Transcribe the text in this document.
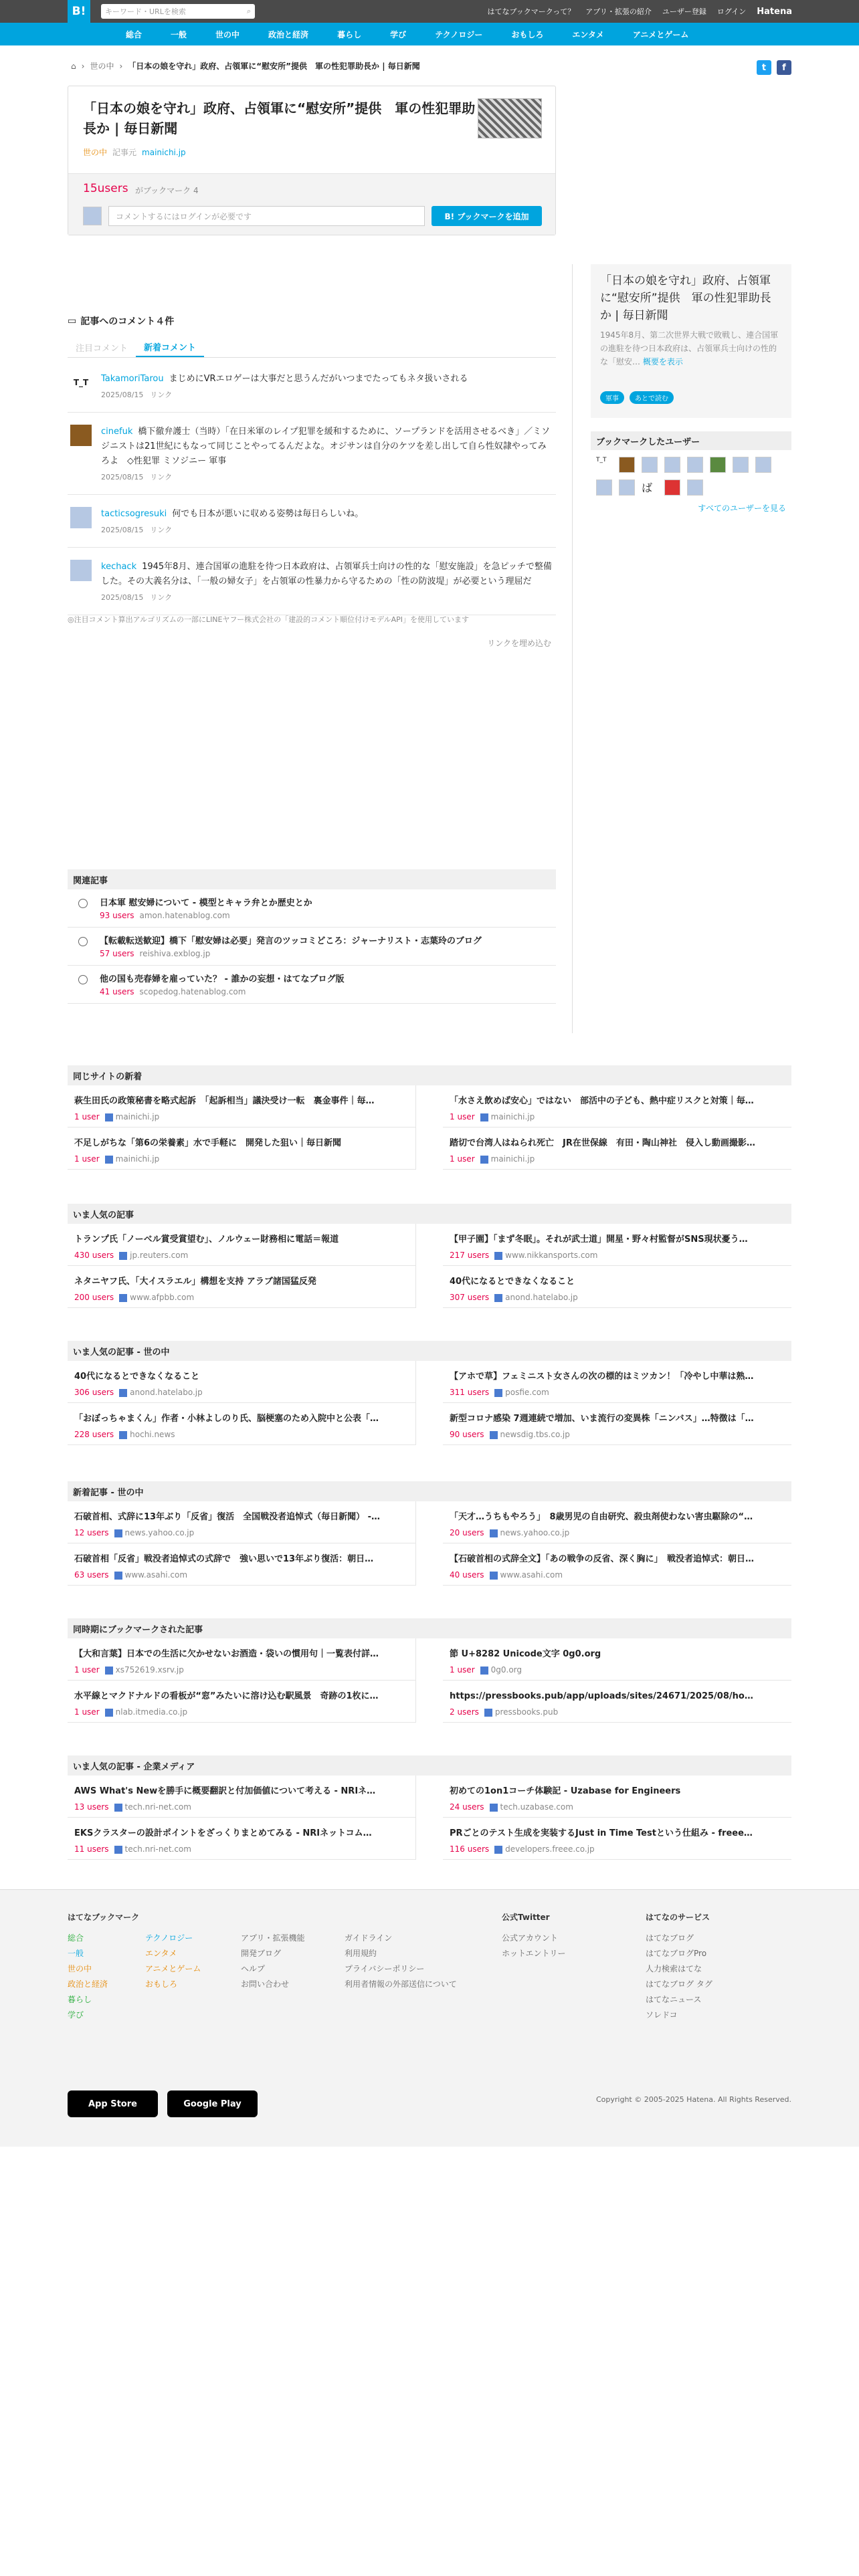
B!	キーワード・URLを検索	⌕	はてなブックマークって？ アプリ・拡張の紹介 ユーザー登録 ログイン Hatena
総合	一般	世の中	政治と経済	暮らし	学び	テクノロジー	おもしろ	エンタメ	アニメとゲーム
⌂ › 世の中 › 「日本の娘を守れ」政府、占領軍に“慰安所”提供　軍の性犯罪助長か | 毎日新聞	t	f
「日本の娘を守れ」政府、占領軍に“慰安所”提供　軍の性犯罪助長か | 毎日新聞
世の中 記事元 mainichi.jp
15users がブックマーク 4
コメントするにはログインが必要です	B! ブックマークを追加
「日本の娘を守れ」政府、占領軍に“慰安所”提供　軍の性犯罪助長か | 毎日新聞
1945年8月、第二次世界大戦で敗戦し、連合国軍の進駐を待つ日本政府は、占領軍兵士向けの性的な「慰安… 概要を表示
軍事	あとで読む
ブックマークしたユーザー
T_T
ば
すべてのユーザーを見る
▭ 記事へのコメント４件
注目コメント	新着コメント
T_T	TakamoriTarou まじめにVRエロゲーは大事だと思うんだがいつまでたってもネタ扱いされる
2025/08/15 リンク
cinefuk 橋下徹弁護士（当時）「在日米軍のレイプ犯罪を緩和するために、ソープランドを活用させるべき」／ミソジニストは21世紀にもなって同じことやってるんだよな。オジサンは自分のケツを差し出して自ら性奴隷やってみろよ　◇性犯罪 ミソジニー 軍事
2025/08/15 リンク
tacticsogresuki 何でも日本が悪いに収める姿勢は毎日らしいね。
2025/08/15 リンク
kechack 1945年8月、連合国軍の進駐を待つ日本政府は、占領軍兵士向けの性的な「慰安施設」を急ピッチで整備した。その大義名分は、「一般の婦女子」を占領軍の性暴力から守るための「性の防波堤」が必要という理屈だ
2025/08/15 リンク
◎注目コメント算出アルゴリズムの一部にLINEヤフー株式会社の「建設的コメント順位付けモデルAPI」を使用しています
リンクを埋め込む
関連記事
日本軍 慰安婦について - 模型とキャラ弁とか歴史とか
93 users amon.hatenablog.com
【転載転送歓迎】橋下「慰安婦は必要」発言のツッコミどころ：ジャーナリスト・志葉玲のブログ
57 users reishiva.exblog.jp
他の国も売春婦を雇っていた？ - 誰かの妄想・はてなブログ版
41 users scopedog.hatenablog.com
同じサイトの新着
萩生田氏の政策秘書を略式起訴　「起訴相当」議決受け一転　裏金事件｜毎…
1 user mainichi.jp
「水さえ飲めば安心」ではない　部活中の子ども、熱中症リスクと対策｜毎…
1 user mainichi.jp
不足しがちな「第6の栄養素」水で手軽に　開発した狙い｜毎日新聞
1 user mainichi.jp
踏切で台湾人はねられ死亡　JR在世保線　有田・陶山神社　侵入し動画撮影…
1 user mainichi.jp
いま人気の記事
トランプ氏「ノーベル賞受賞望む」、ノルウェー財務相に電話＝報道
430 users jp.reuters.com
【甲子園】「まず冬眠」。それが武士道」開星・野々村監督がSNS現状憂う…
217 users www.nikkansports.com
ネタニヤフ氏、「大イスラエル」構想を支持 アラブ諸国猛反発
200 users www.afpbb.com
40代になるとできなくなること
307 users anond.hatelabo.jp
いま人気の記事 - 世の中
40代になるとできなくなること
306 users anond.hatelabo.jp
【アホで草】フェミニスト女さんの次の標的はミツカン！「冷やし中華は熟…
311 users posfie.com
「おぼっちゃまくん」作者・小林よしのり氏、脳梗塞のため入院中と公表「…
228 users hochi.news
新型コロナ感染 7週連続で増加、いま流行の変異株「ニンバス」…特徴は「…
90 users newsdig.tbs.co.jp
新着記事 - 世の中
石破首相、式辞に13年ぶり「反省」復活　全国戦没者追悼式（毎日新聞） -…
12 users news.yahoo.co.jp
「天才…うちもやろう」　8歳男児の自由研究、殺虫剤使わない害虫駆除の“…
20 users news.yahoo.co.jp
石破首相「反省」戦没者追悼式の式辞で　強い思いで13年ぶり復活：朝日…
63 users www.asahi.com
【石破首相の式辞全文】「あの戦争の反省、深く胸に」　戦没者追悼式：朝日…
40 users www.asahi.com
同時期にブックマークされた記事
【大和言葉】日本での生活に欠かせないお酒造・袋いの慣用句｜一覧表付詳…
1 user xs752619.xsrv.jp
節 U+8282 Unicode文字 0g0.org
1 user 0g0.org
水平線とマクドナルドの看板が“窓”みたいに溶け込む駅風景　奇跡の1枚に…
1 user nlab.itmedia.co.jp
https://pressbooks.pub/app/uploads/sites/24671/2025/08/ho…
2 users pressbooks.pub
いま人気の記事 - 企業メディア
AWS What's Newを勝手に概要翻訳と付加価値について考える - NRIネ…
13 users tech.nri-net.com
初めての1on1コーチ体験記 - Uzabase for Engineers
24 users tech.uzabase.com
EKSクラスターの設計ポイントをざっくりまとめてみる - NRIネットコム…
11 users tech.nri-net.com
PRごとのテスト生成を実装するJust in Time Testという仕組み - freee…
116 users developers.freee.co.jp
はてなブックマーク
総合
一般
世の中
政治と経済
暮らし
学び
テクノロジー
エンタメ
アニメとゲーム
おもしろ
アプリ・拡張機能
開発ブログ
ヘルプ
お問い合わせ
ガイドライン
利用規約
プライバシーポリシー
利用者情報の外部送信について
公式Twitter
公式アカウント
ホットエントリー
はてなのサービス
はてなブログ
はてなブログPro
人力検索はてな
はてなブログ タグ
はてなニュース
ソレドコ
App Store	Google Play	Copyright © 2005-2025 Hatena. All Rights Reserved.
